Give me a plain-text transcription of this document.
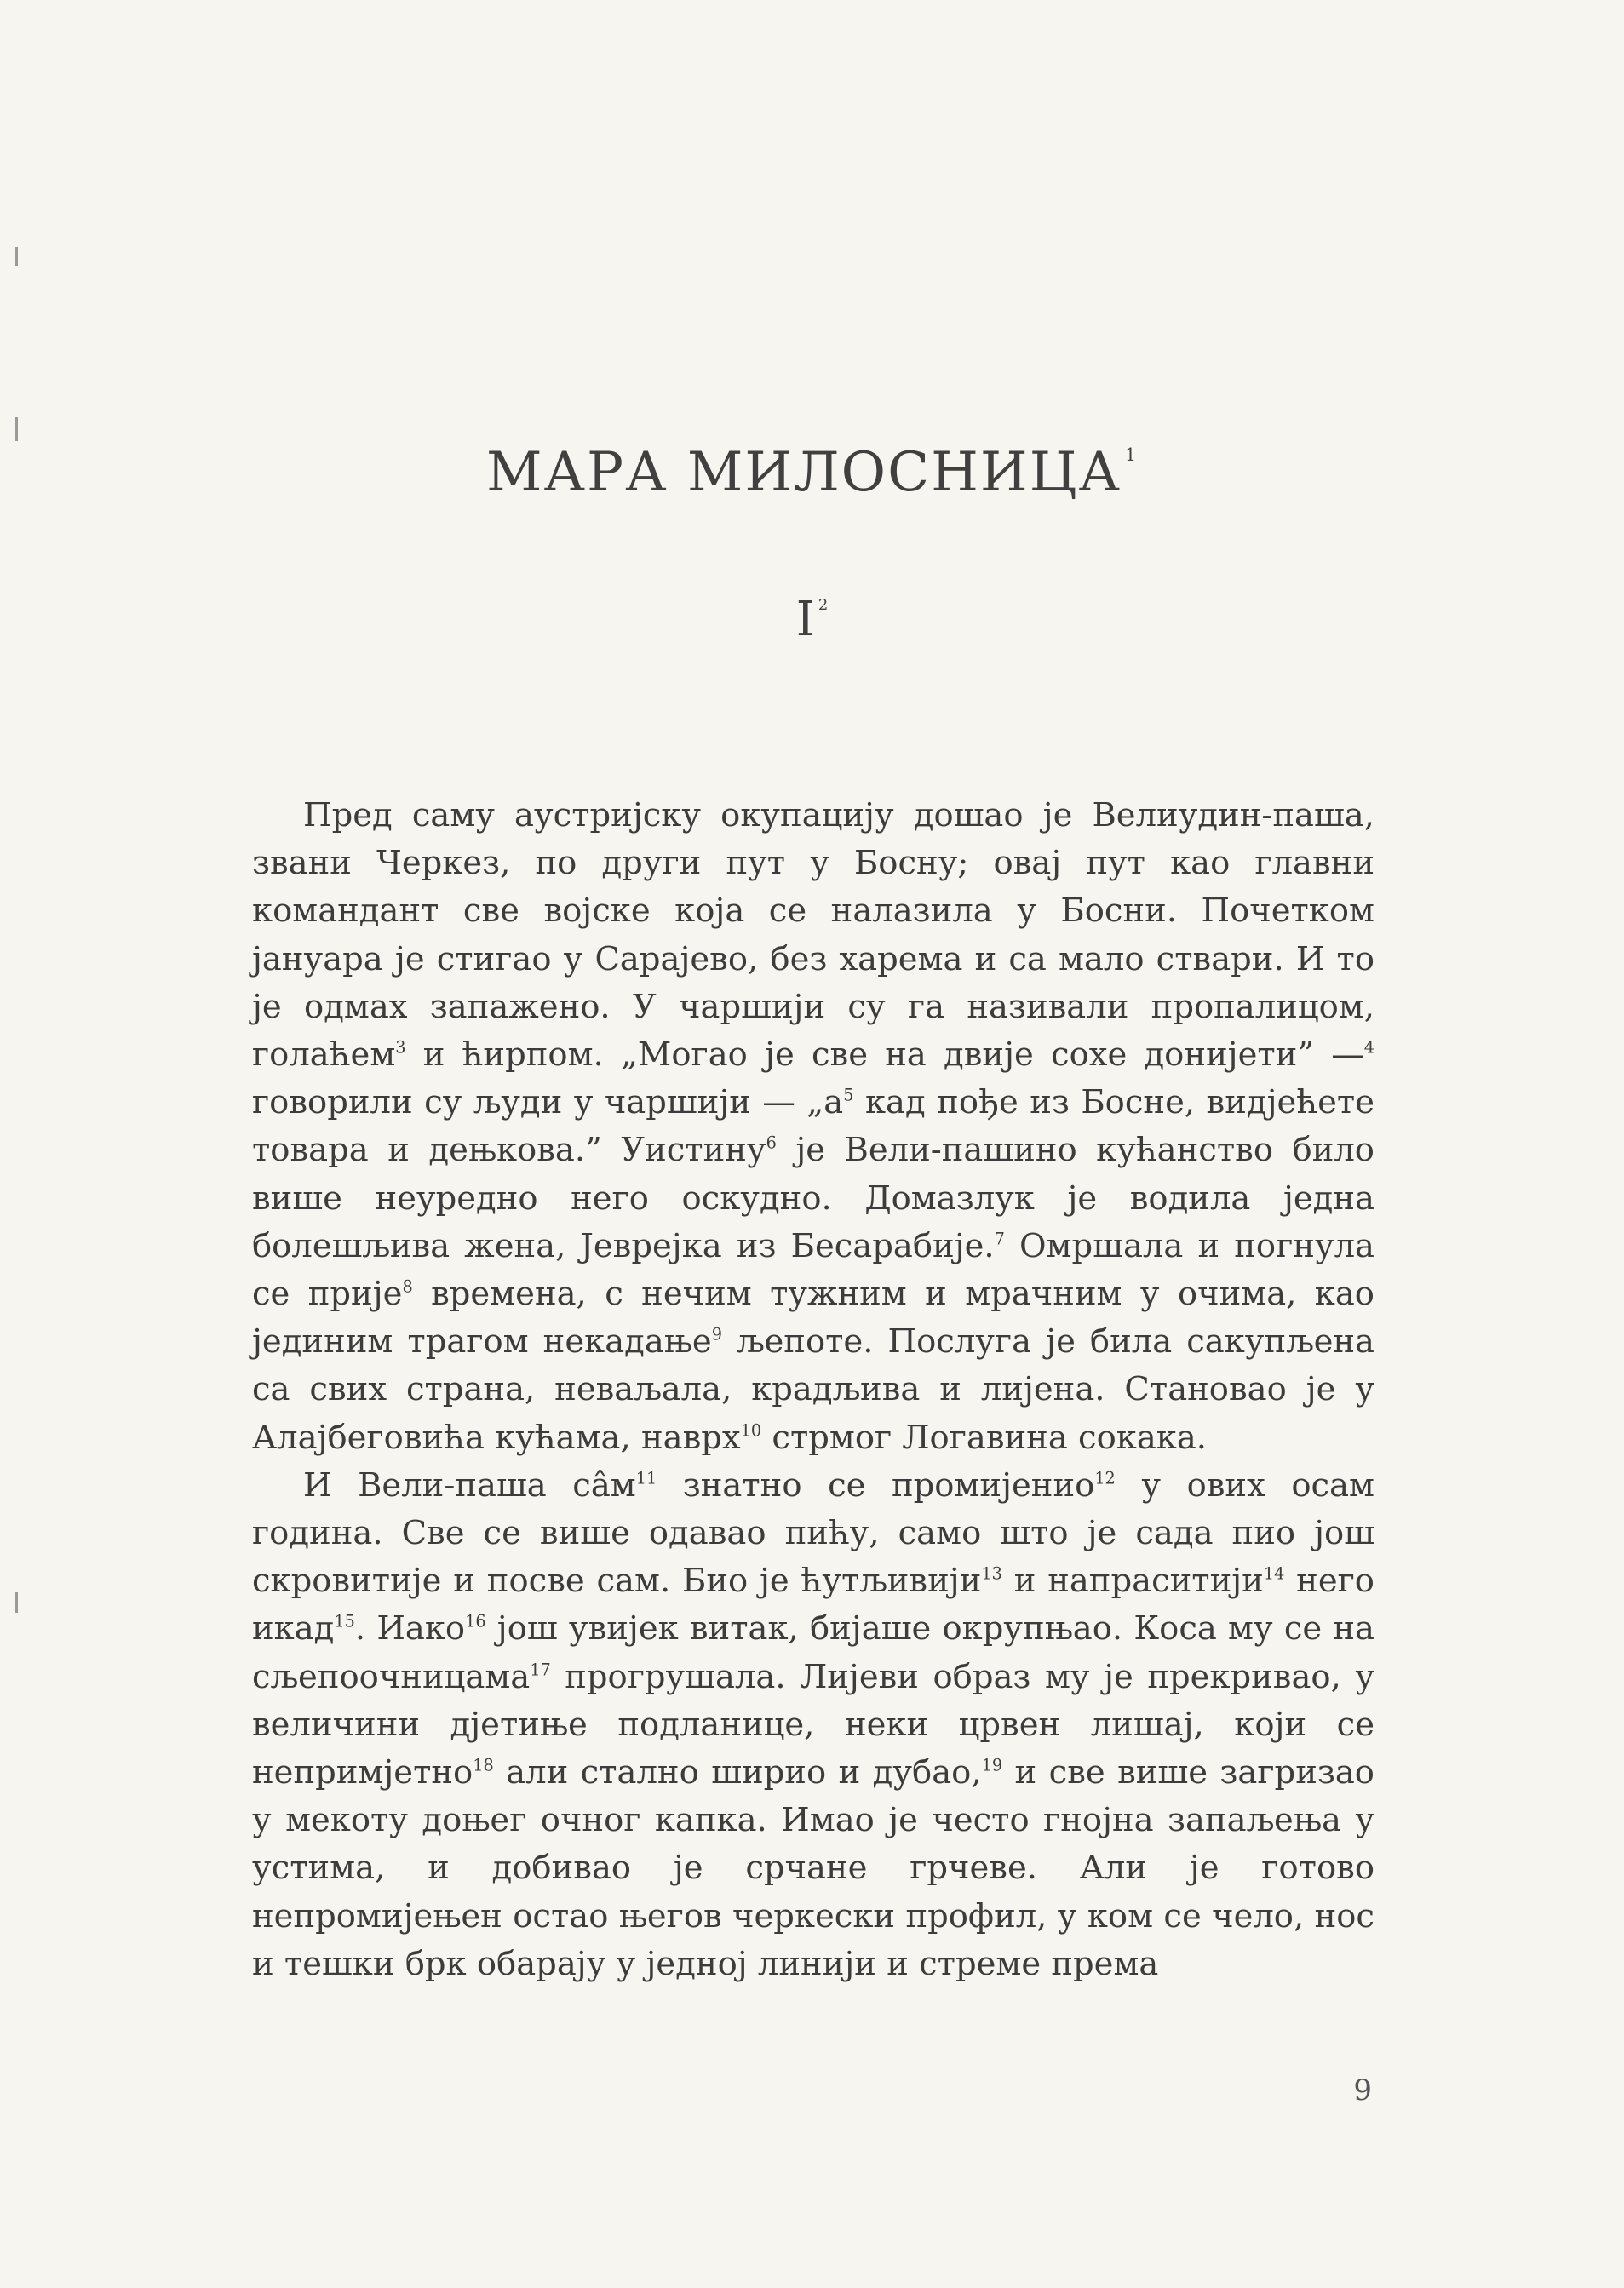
МАРА МИЛОСНИЦА $^1$
I $^2$

Пред саму аустријску окупацију дошао је Велиудин-паша, звани Черкез, по други пут у Босну; овај пут као главни командант све војске која се налазила у Босни. Почетком јануара је стигао у Сарајево, без харема и са мало ствари. И то је одмах запажено. У чаршији су га називали пропалицом, голаћем$^3$ и ћирпом. „Могао је све на двије сохе донијети” —$^4$ говорили су људи у чаршији — $„а^5$ кад пође из Босне, видјећете товара и дењкова.” Уистину$^6$ је Вели-пашино кућанство било више неуредно него оскудно. Домазлук је водила једна болешљива жена, Јеврејка из Бесарабије.$^7$ Омршала и погнула се прије$^8$ времена, с нечим тужним и мрачним у очима, као јединим трагом некадање$^9$ љепоте. Послуга је била сакупљена са свих страна, неваљала, крадљива и лијена. Становао је у Алајбеговића кућама, наврх$^{10}$ стрмог Логавина сокака.

И Вели-паша сâм$^{11}$ знатно се промијенио$^{12}$ у ових осам година. Све се више одавао пићу, само што је сада пио још скровитије и посве сам. Био је ћутљивији$^{13}$ и напраситији$^{14}$ него икад$^{15}$. Иако$^{16}$ још увијек витак, бијаше окрупњао. Коса му се на сљепоочницама$^{17}$ прогрушала. Лијеви образ му је прекривао, у величини дјетиње подланице, неки црвен лишај, који се непримјетно$^{18}$ али стално ширио и дубао,$^{19}$ и све више загризао у мекоту доњег очног капка. Имао је често гнојна запаљења у устима, и добивао је срчане грчеве. Али је готово непромијењен остао његов черкески профил, у ком се чело, нос и тешки брк обарају у једној линији и стреме према

9
